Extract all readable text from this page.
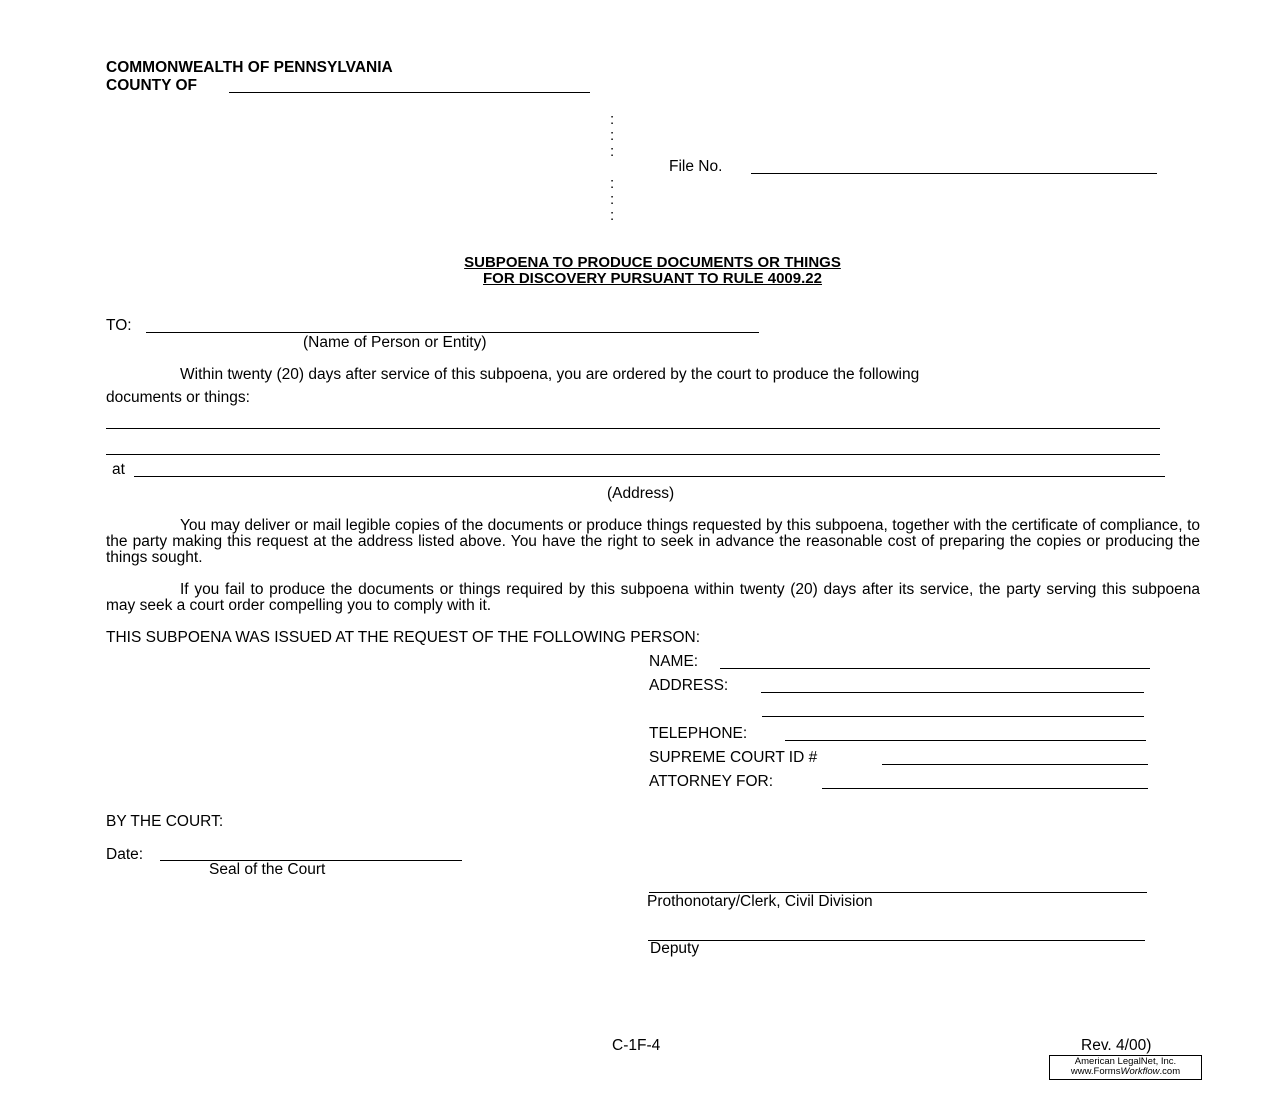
COMMONWEALTH OF PENNSYLVANIA
COUNTY OF
:
:
:
:
:
:
File No.
SUBPOENA TO PRODUCE DOCUMENTS OR THINGS
FOR DISCOVERY PURSUANT TO RULE 4009.22
TO:
(Name of Person or Entity)
Within twenty (20) days after service of this subpoena, you are ordered by the court to produce the following
documents or things:
at
(Address)
You may deliver or mail legible copies of the documents or produce things requested by this subpoena, together with the certificate of compliance, to the party making this request at the address listed above. You have the right to seek in advance the reasonable cost of preparing the copies or producing the things sought.
If you fail to produce the documents or things required by this subpoena within twenty (20) days after its service, the party serving this subpoena may seek a court order compelling you to comply with it.
THIS SUBPOENA WAS ISSUED AT THE REQUEST OF THE FOLLOWING PERSON:
NAME:
ADDRESS:
TELEPHONE:
SUPREME COURT ID #
ATTORNEY FOR:
BY THE COURT:
Date:
Seal of the Court
Prothonotary/Clerk, Civil Division
Deputy
C-1F-4	Rev. 4/00)
American LegalNet, Inc.
www.FormsWorkflow.com
